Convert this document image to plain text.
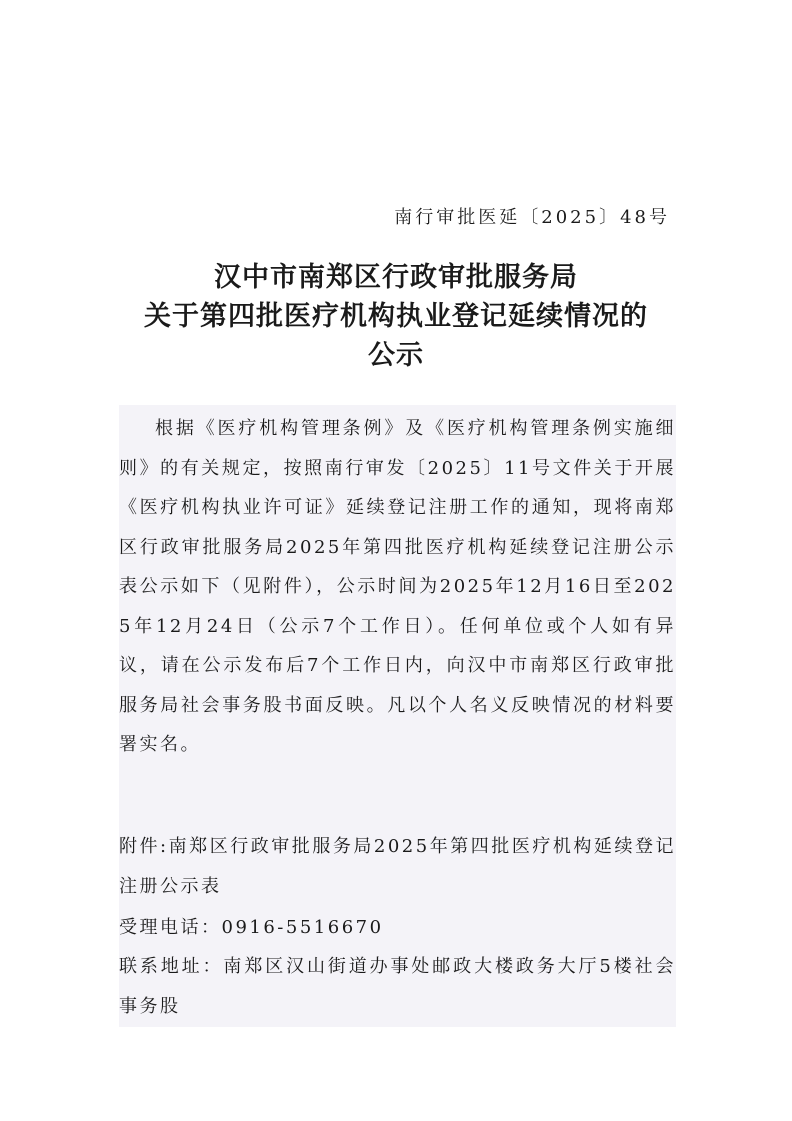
南行审批医延〔2025〕48号
汉中市南郑区行政审批服务局
关于第四批医疗机构执业登记延续情况的
公示
根据《医疗机构管理条例》及《医疗机构管理条例实施细则》的有关规定，按照南行审发〔2025〕11号文件关于开展《医疗机构执业许可证》延续登记注册工作的通知，现将南郑区行政审批服务局2025年第四批医疗机构延续登记注册公示表公示如下（见附件），公示时间为2025年12月16日至2025年12月24日（公示7个工作日）。任何单位或个人如有异议，请在公示发布后7个工作日内，向汉中市南郑区行政审批服务局社会事务股书面反映。凡以个人名义反映情况的材料要署实名。
附件:南郑区行政审批服务局2025年第四批医疗机构延续登记注册公示表
受理电话：0916-5516670
联系地址：南郑区汉山街道办事处邮政大楼政务大厅5楼社会事务股
